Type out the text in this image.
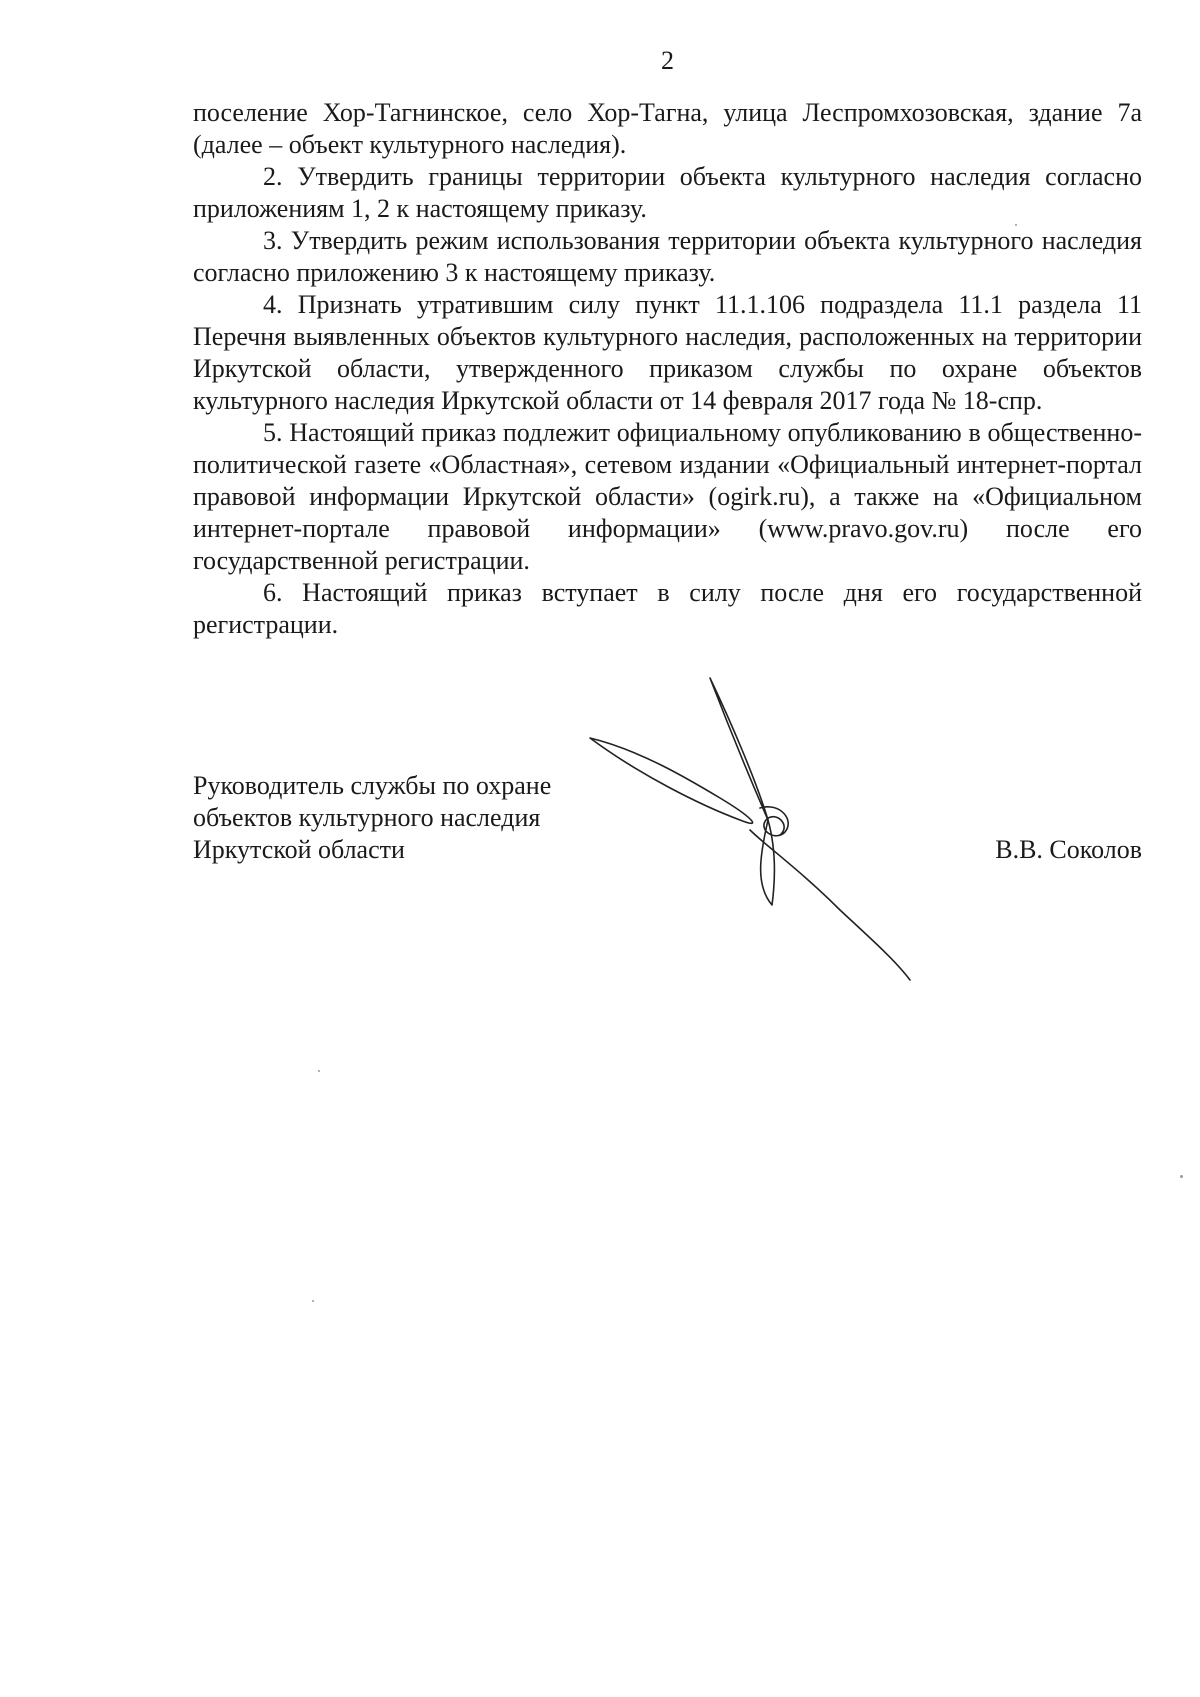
2

поселение Хор-Тагнинское, село Хор-Тагна, улица Леспромхозовская, здание 7а (далее – объект культурного наследия).

2. Утвердить границы территории объекта культурного наследия согласно приложениям 1, 2 к настоящему приказу.

3. Утвердить режим использования территории объекта культурного наследия согласно приложению 3 к настоящему приказу.

4. Признать утратившим силу пункт 11.1.106 подраздела 11.1 раздела 11 Перечня выявленных объектов культурного наследия, расположенных на территории Иркутской области, утвержденного приказом службы по охране объектов культурного наследия Иркутской области от 14 февраля 2017 года № 18-спр.

5. Настоящий приказ подлежит официальному опубликованию в общественно-политической газете «Областная», сетевом издании «Официальный интернет-портал правовой информации Иркутской области» (ogirk.ru), а также на «Официальном интернет-портале правовой информации» (www.pravo.gov.ru) после его государственной регистрации.

6. Настоящий приказ вступает в силу после дня его государственной регистрации.

Руководитель службы по охране
объектов культурного наследия
Иркутской области	В.В. Соколов
